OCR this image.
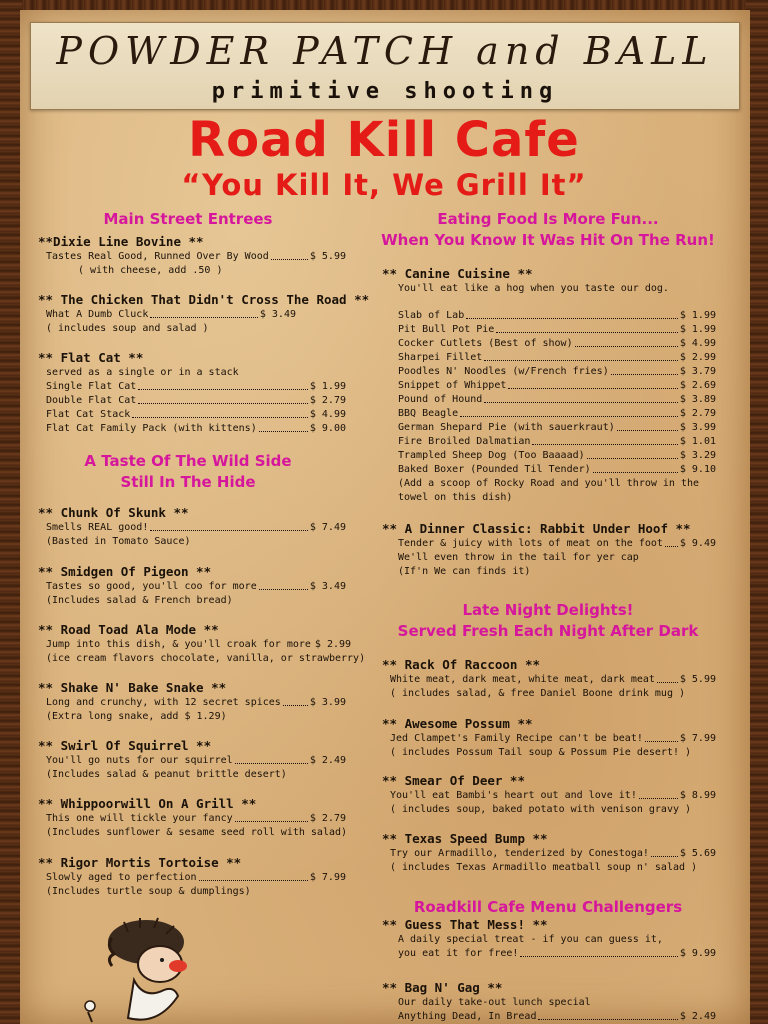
POWDER PATCH and BALL
primitive shooting
Road Kill Cafe
“You Kill It, We Grill It”
Main Street Entrees
**Dixie Line Bovine **
Tastes Real Good, Runned Over By Wood	$ 5.99
( with cheese, add .50 )
** The Chicken That Didn't Cross The Road **
What A Dumb Cluck	$ 3.49
( includes soup and salad )
** Flat Cat **
served as a single or in a stack
Single Flat Cat	$ 1.99
Double Flat Cat	$ 2.79
Flat Cat Stack	$ 4.99
Flat Cat Family Pack (with kittens)	$ 9.00
A Taste Of The Wild Side
Still In The Hide
** Chunk Of Skunk **
Smells REAL good!	$ 7.49
(Basted in Tomato Sauce)
** Smidgen Of Pigeon **
Tastes so good, you'll coo for more	$ 3.49
(Includes salad & French bread)
** Road Toad Ala Mode **
Jump into this dish, & you'll croak for more $ 2.99
(ice cream flavors chocolate, vanilla, or strawberry)
** Shake N' Bake Snake **
Long and crunchy, with 12 secret spices	$ 3.99
(Extra long snake, add $ 1.29)
** Swirl Of Squirrel **
You'll go nuts for our squirrel	$ 2.49
(Includes salad & peanut brittle desert)
** Whippoorwill On A Grill **
This one will tickle your fancy	$ 2.79
(Includes sunflower & sesame seed roll with salad)
** Rigor Mortis Tortoise **
Slowly aged to perfection	$ 7.99
(Includes turtle soup & dumplings)
Eating Food Is More Fun...
When You Know It Was Hit On The Run!
** Canine Cuisine **
You'll eat like a hog when you taste our dog.
Slab of Lab	$ 1.99
Pit Bull Pot Pie	$ 1.99
Cocker Cutlets (Best of show)	$ 4.99
Sharpei Fillet	$ 2.99
Poodles N' Noodles (w/French fries)	$ 3.79
Snippet of Whippet	$ 2.69
Pound of Hound	$ 3.89
BBQ Beagle	$ 2.79
German Shepard Pie (with sauerkraut)	$ 3.99
Fire Broiled Dalmatian	$ 1.01
Trampled Sheep Dog (Too Baaaad)	$ 3.29
Baked Boxer (Pounded Til Tender)	$ 9.10
(Add a scoop of Rocky Road and you'll throw in the
towel on this dish)
** A Dinner Classic: Rabbit Under Hoof **
Tender & juicy with lots of meat on the foot $ 9.49
We'll even throw in the tail for yer cap
(If'n We can finds it)
Late Night Delights!
Served Fresh Each Night After Dark
** Rack Of Raccoon **
White meat, dark meat, white meat, dark meat $ 5.99
( includes salad, & free Daniel Boone drink mug )
** Awesome Possum **
Jed Clampet's Family Recipe can't be beat!	$ 7.99
( includes Possum Tail soup & Possum Pie desert! )
** Smear Of Deer **
You'll eat Bambi's heart out and love it!	$ 8.99
( includes soup, baked potato with venison gravy )
** Texas Speed Bump **
Try our Armadillo, tenderized by Conestoga!	$ 5.69
( includes Texas Armadillo meatball soup n' salad )
Roadkill Cafe Menu Challengers
** Guess That Mess! **
A daily special treat - if you can guess it,
you eat it for free!	$ 9.99
** Bag N' Gag **
Our daily take-out lunch special
Anything Dead, In Bread	$ 2.49
